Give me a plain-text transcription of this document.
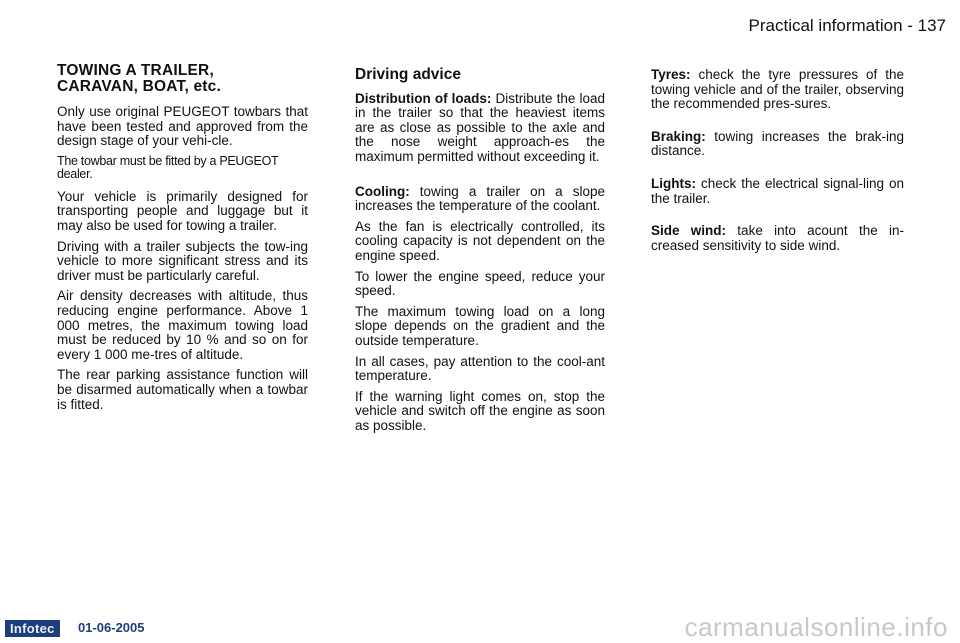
Practical information - 137
TOWING A TRAILER,
CARAVAN, BOAT, etc.

Only use original PEUGEOT towbars that have been tested and approved from the design stage of your vehi-cle.

The towbar must be fitted by a PEUGEOT dealer.

Your vehicle is primarily designed for transporting people and luggage but it may also be used for towing a trailer.

Driving with a trailer subjects the tow-ing vehicle to more significant stress and its driver must be particularly careful.

Air density decreases with altitude, thus reducing engine performance. Above 1 000 metres, the maximum towing load must be reduced by 10 % and so on for every 1 000 me-tres of altitude.

The rear parking assistance function will be disarmed automatically when a towbar is fitted.

Driving advice

Distribution of loads: Distribute the load in the trailer so that the heaviest items are as close as possible to the axle and the nose weight approach-es the maximum permitted without exceeding it.

Cooling: towing a trailer on a slope increases the temperature of the coolant.

As the fan is electrically controlled, its cooling capacity is not dependent on the engine speed.

To lower the engine speed, reduce your speed.

The maximum towing load on a long slope depends on the gradient and the outside temperature.

In all cases, pay attention to the cool-ant temperature.

If the warning light comes on, stop the vehicle and switch off the engine as soon as possible.

Tyres: check the tyre pressures of the towing vehicle and of the trailer, observing the recommended pres-sures.

Braking: towing increases the brak-ing distance.

Lights: check the electrical signal-ling on the trailer.

Side wind: take into acount the in-creased sensitivity to side wind.

Infotec	01-06-2005	carmanualsonline.info
